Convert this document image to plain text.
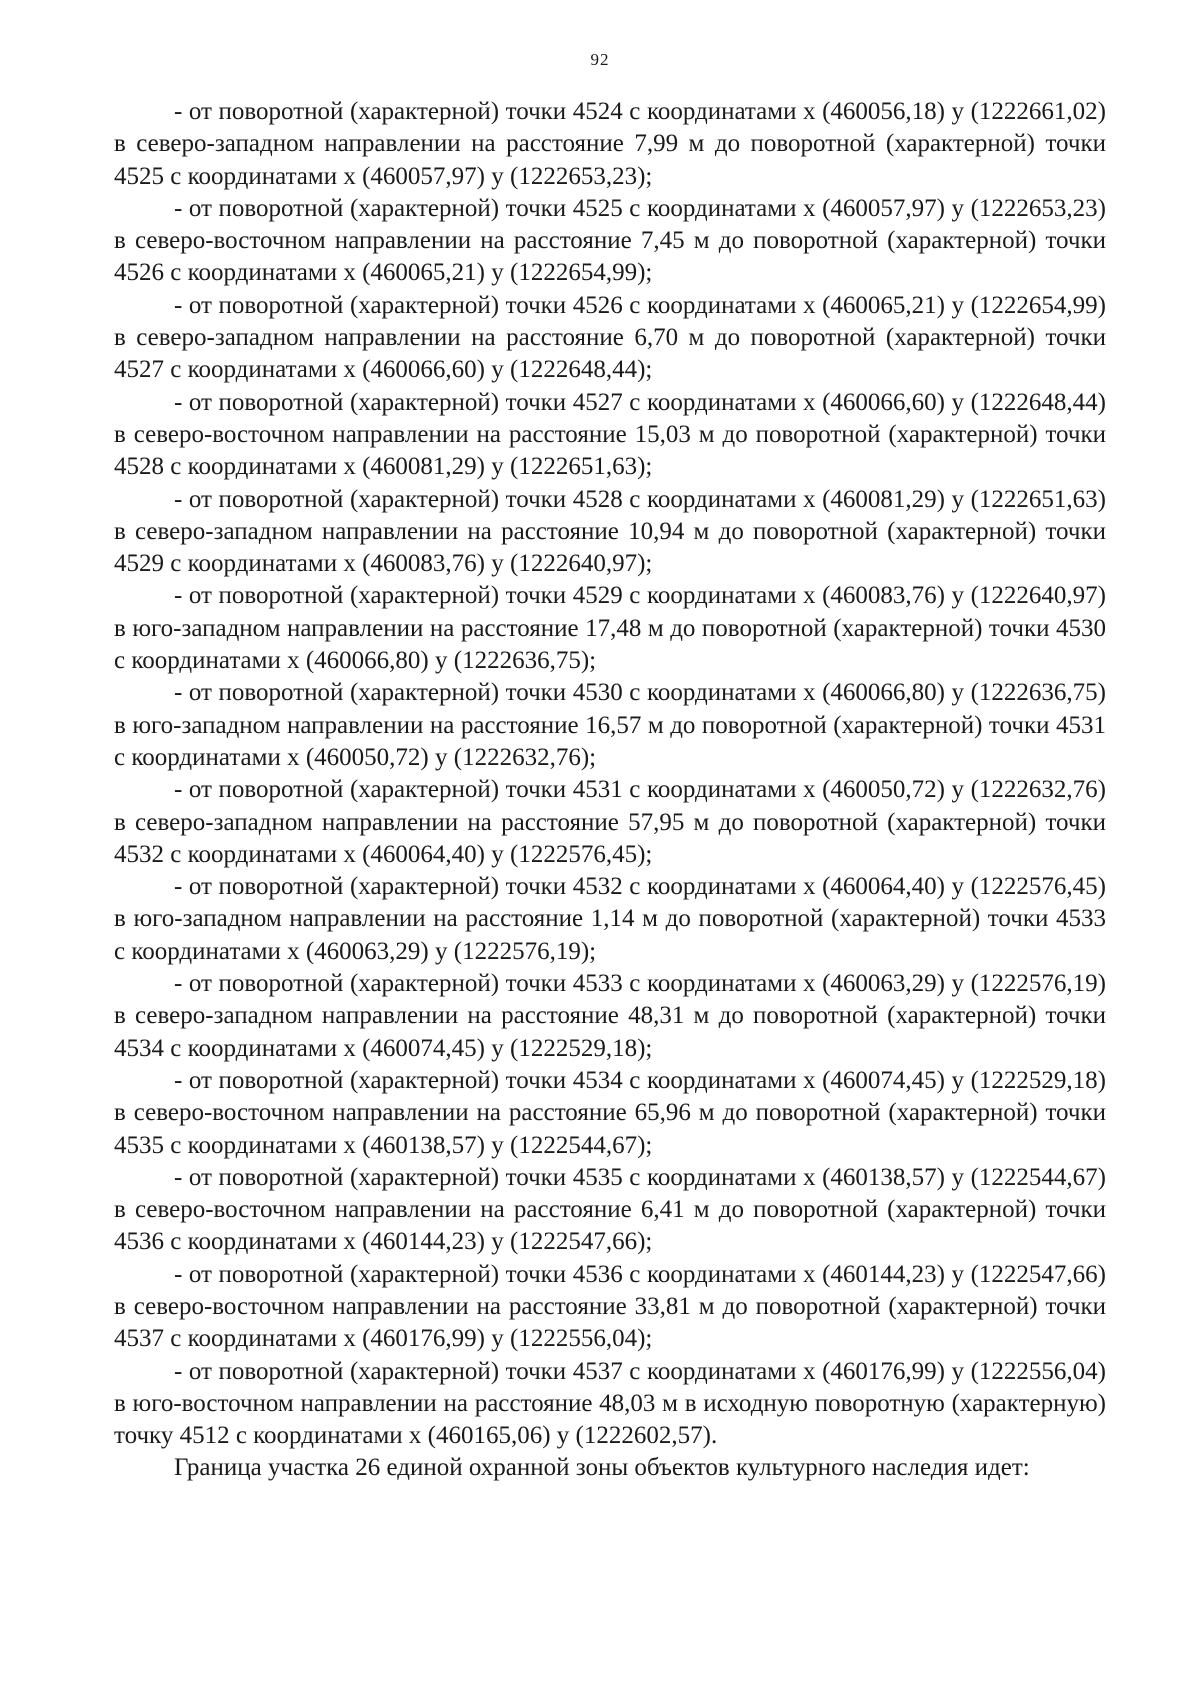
92

- от поворотной (характерной) точки 4524 с координатами x (460056,18) y (1222661,02) в северо-западном направлении на расстояние 7,99 м до поворотной (характерной) точки 4525 с координатами x (460057,97) y (1222653,23);

- от поворотной (характерной) точки 4525 с координатами x (460057,97) y (1222653,23) в северо-восточном направлении на расстояние 7,45 м до поворотной (характерной) точки 4526 с координатами x (460065,21) y (1222654,99);

- от поворотной (характерной) точки 4526 с координатами x (460065,21) y (1222654,99) в северо-западном направлении на расстояние 6,70 м до поворотной (характерной) точки 4527 с координатами x (460066,60) y (1222648,44);

- от поворотной (характерной) точки 4527 с координатами x (460066,60) y (1222648,44) в северо-восточном направлении на расстояние 15,03 м до поворотной (характерной) точки 4528 с координатами x (460081,29) y (1222651,63);

- от поворотной (характерной) точки 4528 с координатами x (460081,29) y (1222651,63) в северо-западном направлении на расстояние 10,94 м до поворотной (характерной) точки 4529 с координатами x (460083,76) y (1222640,97);

- от поворотной (характерной) точки 4529 с координатами x (460083,76) y (1222640,97) в юго-западном направлении на расстояние 17,48 м до поворотной (характерной) точки 4530 с координатами x (460066,80) y (1222636,75);

- от поворотной (характерной) точки 4530 с координатами x (460066,80) y (1222636,75) в юго-западном направлении на расстояние 16,57 м до поворотной (характерной) точки 4531 с координатами x (460050,72) y (1222632,76);

- от поворотной (характерной) точки 4531 с координатами x (460050,72) y (1222632,76) в северо-западном направлении на расстояние 57,95 м до поворотной (характерной) точки 4532 с координатами x (460064,40) y (1222576,45);

- от поворотной (характерной) точки 4532 с координатами x (460064,40) y (1222576,45) в юго-западном направлении на расстояние 1,14 м до поворотной (характерной) точки 4533 с координатами x (460063,29) y (1222576,19);

- от поворотной (характерной) точки 4533 с координатами x (460063,29) y (1222576,19) в северо-западном направлении на расстояние 48,31 м до поворотной (характерной) точки 4534 с координатами x (460074,45) y (1222529,18);

- от поворотной (характерной) точки 4534 с координатами x (460074,45) y (1222529,18) в северо-восточном направлении на расстояние 65,96 м до поворотной (характерной) точки 4535 с координатами x (460138,57) y (1222544,67);

- от поворотной (характерной) точки 4535 с координатами x (460138,57) y (1222544,67) в северо-восточном направлении на расстояние 6,41 м до поворотной (характерной) точки 4536 с координатами x (460144,23) y (1222547,66);

- от поворотной (характерной) точки 4536 с координатами x (460144,23) y (1222547,66) в северо-восточном направлении на расстояние 33,81 м до поворотной (характерной) точки 4537 с координатами x (460176,99) y (1222556,04);

- от поворотной (характерной) точки 4537 с координатами x (460176,99) y (1222556,04) в юго-восточном направлении на расстояние 48,03 м в исходную поворотную (характерную) точку 4512 с координатами x (460165,06) y (1222602,57).

Граница участка 26 единой охранной зоны объектов культурного наследия идет:
